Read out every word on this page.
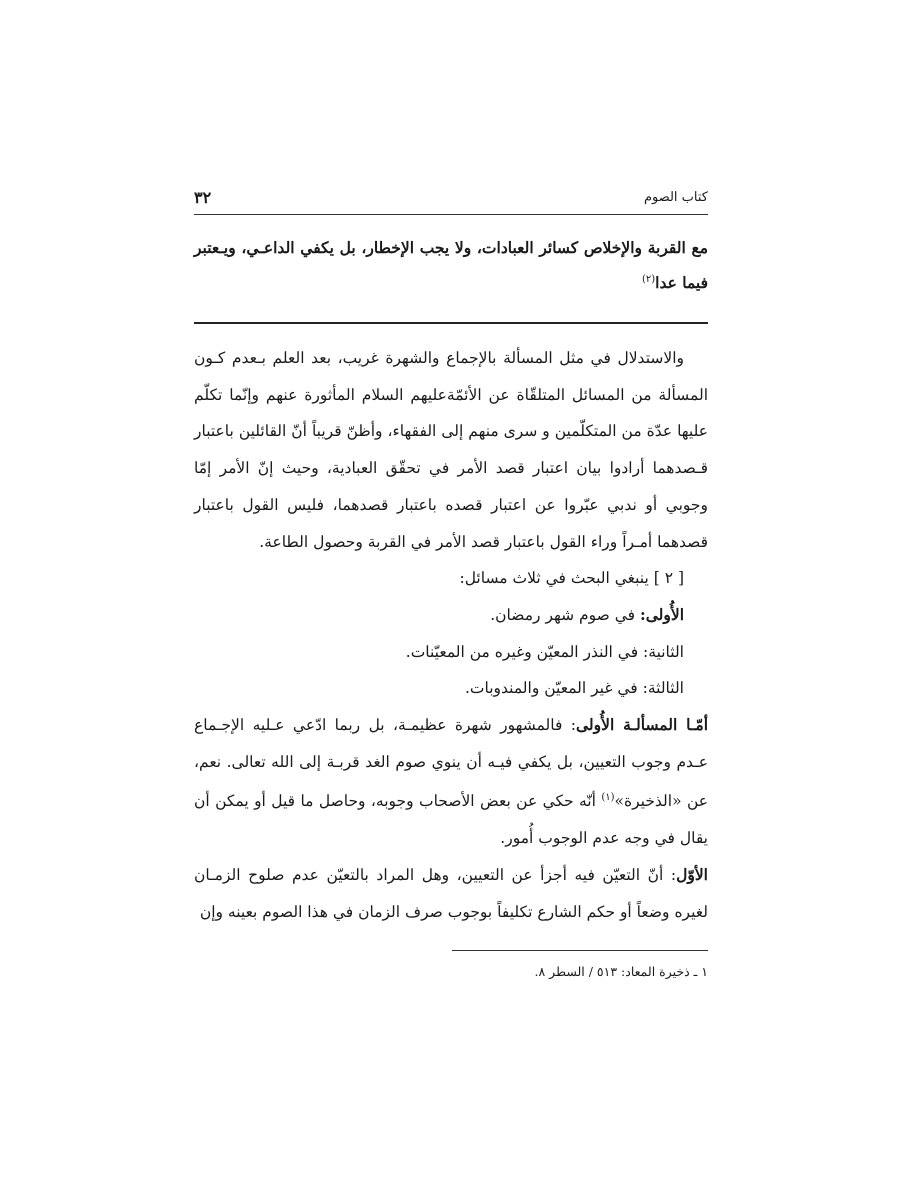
٣٢	كتاب الصوم
مع القربة والإخلاص كسائر العبادات، ولا يجب الإخطار، بل يكفي الداعـي، ويـعتبر فيما عدا$^{(٢)}$

والاستدلال في مثل المسألة بالإجماع والشهرة غريب، بعد العلم بـعدم كـون المسألة من المسائل المتلقّاة عن الأئمّةعليهم السلام المأثورة عنهم وإنّما تكلّم عليها عدّة من المتكلّمين و سرى منهم إلى الفقهاء، وأظنّ قريباً أنّ القائلين باعتبار قـصدهما أرادوا بيان اعتبار قصد الأمر في تحقّق العبادية، وحيث إنّ الأمر إمّا وجوبي أو ندبي عبّروا عن اعتبار قصده باعتبار قصدهما، فليس القول باعتبار قصدهما أمـراً وراء القول باعتبار قصد الأمر في القربة وحصول الطاعة.

[ ٢ ] ينبغي البحث في ثلاث مسائل:

الأُولى: في صوم شهر رمضان.

الثانية: في النذر المعيّن وغيره من المعيّنات.

الثالثة: في غير المعيّن والمندوبات.

أمّـا المسألـة الأُولى: فالمشهور شهرة عظيمـة، بل ربما ادّعي عـليه الإجـماع عـدم وجوب التعيين، بل يكفي فيـه أن ينوي صوم الغد قربـة إلى الله تعالى. نعم، عن «الذخيرة»$^{(١)}$ أنّه حكي عن بعض الأصحاب وجوبه، وحاصل ما قيل أو يمكن أن يقال في وجه عدم الوجوب أُمور.

الأوّل: أنّ التعيّن فيه أجزأ عن التعيين، وهل المراد بالتعيّن عدم صلوح الزمـان لغيره وضعاً أو حكم الشارع تكليفاً بوجوب صرف الزمان في هذا الصوم بعينه وإن

١ ـ ذخيرة المعاد: ٥١٣ / السطر ٨.
